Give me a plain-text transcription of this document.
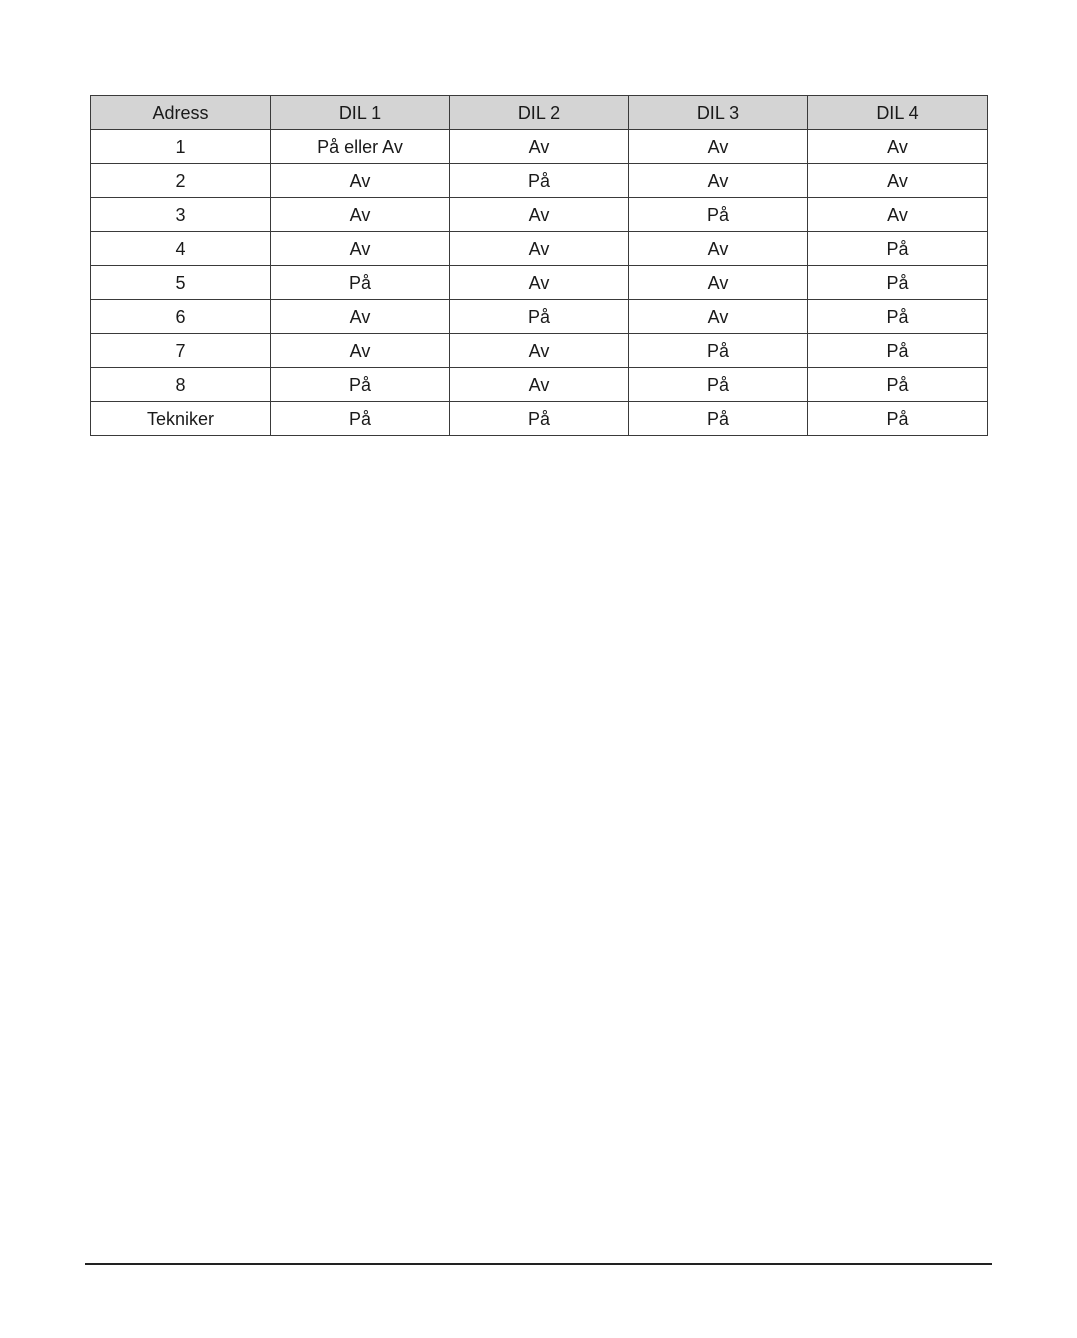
Adress	DIL 1	DIL 2	DIL 3	DIL 4
1	På eller Av	Av	Av	Av
2	Av	På	Av	Av
3	Av	Av	På	Av
4	Av	Av	Av	På
5	På	Av	Av	På
6	Av	På	Av	På
7	Av	Av	På	På
8	På	Av	På	På
Tekniker	På	På	På	På
